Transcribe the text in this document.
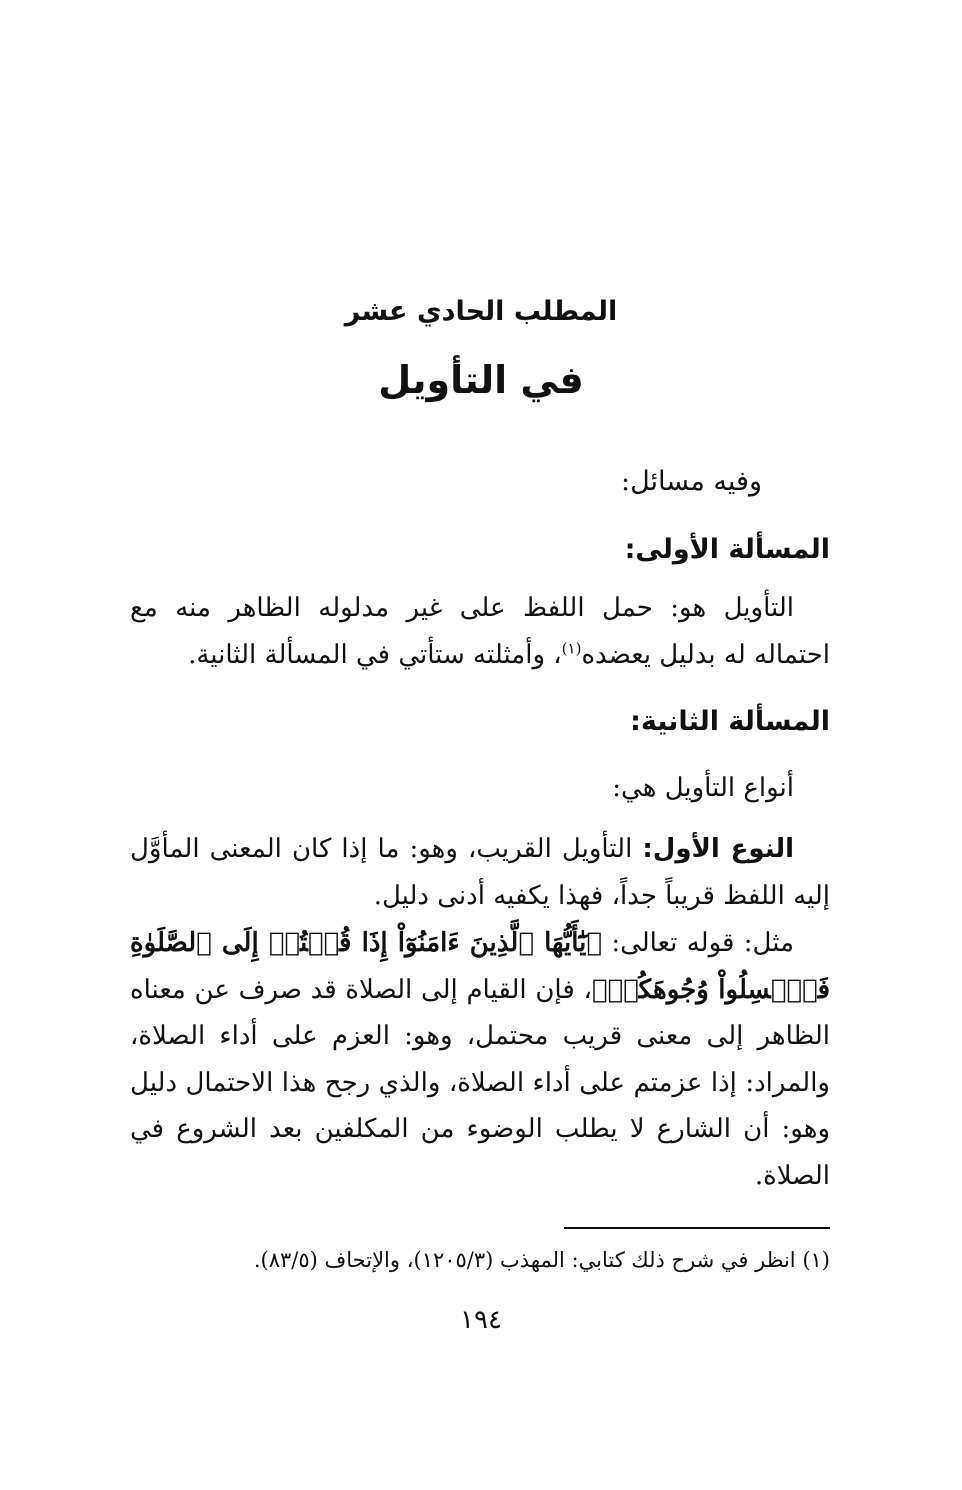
المطلب الحادي عشر
في التأويل
وفيه مسائل:
المسألة الأولى:
التأويل هو: حمل اللفظ على غير مدلوله الظاهر منه مع احتماله له بدليل يعضده$^{(١)}$، وأمثلته ستأتي في المسألة الثانية.
المسألة الثانية:
أنواع التأويل هي:
النوع الأول: التأويل القريب، وهو: ما إذا كان المعنى المأوَّل إليه اللفظ قريباً جداً، فهذا يكفيه أدنى دليل.
مثل: قوله تعالى: ﴿يَٰٓأَيُّهَا ٱلَّذِينَ ءَامَنُوٓاْ إِذَا قُمۡتُمۡ إِلَى ٱلصَّلَوٰةِ فَٱغۡسِلُواْ وُجُوهَكُمۡ﴾، فإن القيام إلى الصلاة قد صرف عن معناه الظاهر إلى معنى قريب محتمل، وهو: العزم على أداء الصلاة، والمراد: إذا عزمتم على أداء الصلاة، والذي رجح هذا الاحتمال دليل وهو: أن الشارع لا يطلب الوضوء من المكلفين بعد الشروع في الصلاة.
(١) انظر في شرح ذلك كتابي: المهذب (١٢٠٥/٣)، والإتحاف (٨٣/٥).
١٩٤
